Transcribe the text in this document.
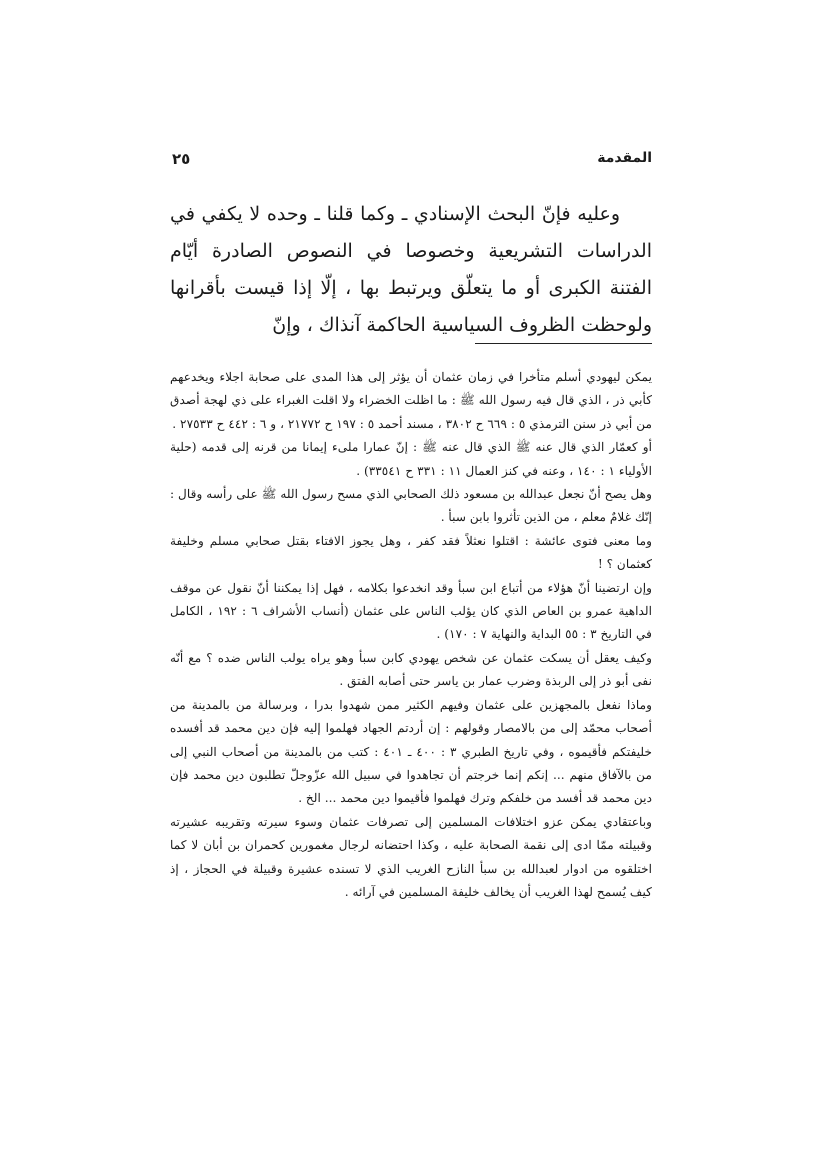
المقدمة
٢٥

وعليه فإنّ البحث الإسنادي ـ وكما قلنا ـ وحده لا يكفي في الدراسات التشريعية وخصوصا في النصوص الصادرة أيّام الفتنة الكبرى أو ما يتعلّق ويرتبط بها ، إلّا إذا قيست بأقرانها ولوحظت الظروف السياسية الحاكمة آنذاك ، وإنّ

يمكن ليهودي أسلم متأخرا في زمان عثمان أن يؤثر إلى هذا المدى على صحابة اجلاء ويخدعهم كأبي ذر ، الذي قال فيه رسول الله ﷺ : ما اظلت الخضراء ولا اقلت الغبراء على ذي لهجة أصدق من أبي ذر سنن الترمذي ٥ : ٦٦٩ ح ٣٨٠٢ ، مسند أحمد ٥ : ١٩٧ ح ٢١٧٧٢ ، و ٦ : ٤٤٢ ح ٢٧٥٣٣ .

أو كعمّار الذي قال عنه ﷺ الذي قال عنه ﷺ : إنّ عمارا ملىء إيمانا من قرنه إلى قدمه (حلية الأولياء ١ : ١٤٠ ، وعنه في كنز العمال ١١ : ٣٣١ ح ٣٣٥٤١) .

وهل يصح أنّ نجعل عبدالله بن مسعود ذلك الصحابي الذي مسح رسول الله ﷺ على رأسه وقال : إنّك غلامٌ معلم ، من الذين تأثروا بابن سبأ .

وما معنى فتوى عائشة : اقتلوا نعثلاً فقد كفر ، وهل يجوز الافتاء بقتل صحابي مسلم وخليفة كعثمان ؟ !

وإن ارتضينا أنّ هؤلاء من أتباع ابن سبأ وقد انخدعوا بكلامه ، فهل إذا يمكننا أنّ نقول عن موقف الداهية عمرو بن العاص الذي كان يؤلب الناس على عثمان (أنساب الأشراف ٦ : ١٩٢ ، الكامل في التاريخ ٣ : ٥٥ البداية والنهاية ٧ : ١٧٠) .

وكيف يعقل أن يسكت عثمان عن شخص يهودي كابن سبأ وهو يراه يولب الناس ضده ؟ مع أنّه نفى أبو ذر إلى الربذة وضرب عمار بن ياسر حتى أصابه الفتق .

وماذا نفعل بالمجهزين على عثمان وفيهم الكثير ممن شهدوا بدرا ، وبرسالة من بالمدينة من أصحاب محمّد إلى من بالامصار وقولهم : إن أردتم الجهاد فهلموا إليه فإن دين محمد قد أفسده خليفتكم فأقيموه ، وفي تاريخ الطبري ٣ : ٤٠٠ ـ ٤٠١ : كتب من بالمدينة من أصحاب النبي إلى من بالآفاق منهم ... إنكم إنما خرجتم أن تجاهدوا في سبيل الله عزّوجلّ تطلبون دين محمد فإن دين محمد قد أفسد من خلفكم وترك فهلموا فأقيموا دين محمد ... الخ .

وباعتقادي يمكن عزو اختلافات المسلمين إلى تصرفات عثمان وسوء سيرته وتقريبه عشيرته وقبيلته ممّا ادى إلى نقمة الصحابة عليه ، وكذا احتضانه لرجال مغمورين كحمران بن أبان لا كما اختلقوه من ادوار لعبدالله بن سبأ النازح الغريب الذي لا تسنده عشيرة وقبيلة في الحجاز ، إذ كيف يُسمح لهذا الغريب أن يخالف خليفة المسلمين في آرائه .
